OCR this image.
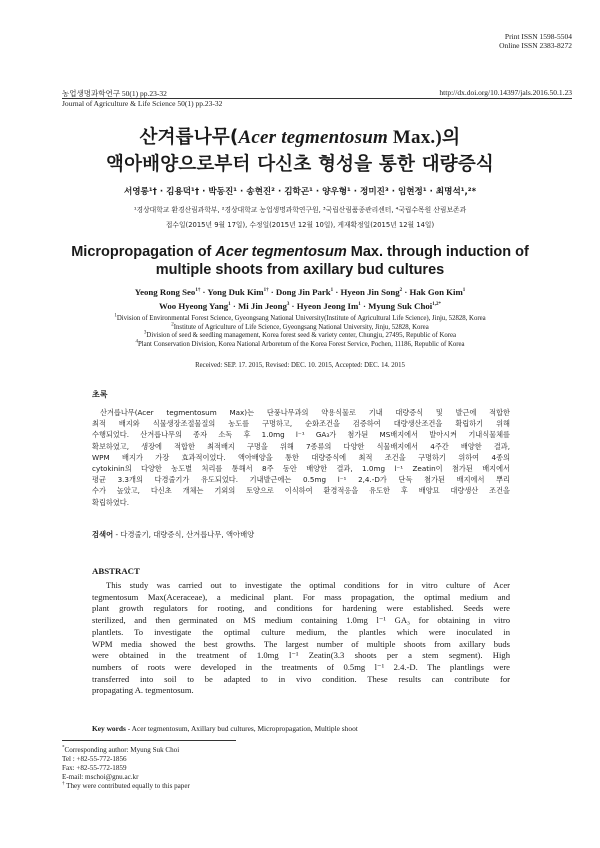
Print ISSN 1598-5504
Online ISSN 2383-8272
농업생명과학연구 50(1) pp.23-32	http://dx.doi.org/10.14397/jals.2016.50.1.23
Journal of Agriculture & Life Science 50(1) pp.23-32
산겨릅나무(Acer tegmentosum Max.)의
액아배양으로부터 다신초 형성을 통한 대량증식
서영롱¹† · 김용덕¹† · 박동진¹ · 송현진² · 김학곤¹ · 양우형¹ · 정미진³ · 임현정¹ · 최명석¹,²*
¹경상대학교 환경산림과학부, ²경상대학교 농업생명과학연구원, ³국립산림품종관리센터, ⁴국립수목원 산림보존과
접수일(2015년 9월 17일), 수정일(2015년 12월 10일), 게재확정일(2015년 12월 14일)
Micropropagation of Acer tegmentosum Max. through induction of
multiple shoots from axillary bud cultures
Yeong Rong Seo$^{1\dagger}$ · Yong Duk Kim$^{1\dagger}$ · Dong Jin Park$^1$ · Hyeon Jin Song$^2$ · Hak Gon Kim$^1$
Woo Hyeong Yang$^1$ · Mi Jin Jeong$^3$ · Hyeon Jeong $Im^1$ · Myung Suk Choi$^{1,2*}$
$^1$Division of Environmental Forest Science, Gyeongsang National University(Institute of Agricultural Life Science), Jinju, 52828, Korea
$^2$Institute of Agriculture of Life Science, Gyeongsang National University, Jinju, 52828, Korea
$^3$Division of seed & seedling management, Korea forest seed & variety center, Chungju, 27495, Republic of Korea
$^4$Plant Conservation Division, Korea National Arboretum of the Korea Forest Service, Pochen, 11186, Republic of Korea
Received: SEP. 17. 2015, Revised: DEC. 10. 2015, Accepted: DEC. 14. 2015
초록
산겨릅나무(Acer tegmentosum Max)는 단풍나무과의 약용식물로 기내 대량증식 및 발근에 적합한
최적 배지와 식물생장조절물질의 농도를 구명하고, 순화조건을 검증하여 대량생산조건을 확립하기 위해
수행되었다. 산겨릅나무의 종자 소독 후 1.0mg l⁻¹ GA₃가 첨가된 MS배지에서 발아시켜 기내식물체를
확보하였고, 생장에 적합한 최적배지 구명을 위해 7종류의 다양한 식물배지에서 4주간 배양한 결과,
WPM 배지가 가장 효과적이었다. 액아배양을 통한 대량증식에 최적 조건을 구명하기 위하여 4종의
cytokinin의 다양한 농도별 처리를 통해서 8주 동안 배양한 결과, 1.0mg l⁻¹ Zeatin이 첨가된 배지에서
평균 3.3개의 다경줄기가 유도되었다. 기내발근에는 0.5mg l⁻¹ 2,4.-D가 단독 첨가된 배지에서 뿌리
수가 높았고, 다신초 개체는 기외의 토양으로 이식하여 환경적응을 유도한 후 배양묘 대량생산 조건을
확립하였다.
검색어 - 다경줄기, 대량증식, 산겨릅나무, 액아배양
ABSTRACT
This study was carried out to investigate the optimal conditions for in vitro culture of Acer
tegmentosum Max(Aceraceae), a medicinal plant. For mass propagation, the optimal medium and
plant growth regulators for rooting, and conditions for hardening were established. Seeds were
sterilized, and then germinated on MS medium containing 1.0mg l⁻¹ GA₃ for obtaining in vitro
plantlets. To investigate the optimal culture medium, the plantles which were inoculated in
WPM media showed the best growths. The largest number of multiple shoots from axillary buds
were obtained in the treatment of 1.0mg l⁻¹ Zeatin(3.3 shoots per a stem segment). High
numbers of roots were developed in the treatments of 0.5mg l⁻¹ 2.4.-D. The plantlings were
transferred into soil to be adapted to in vivo condition. These results can contribute for
propagating A. tegmentosum.
Key words - Acer tegmentosum, Axillary bud cultures, Micropropagation, Multiple shoot
*Corresponding author: Myung Suk Choi
Tel : +82-55-772-1856
Fax: +82-55-772-1859
E-mail: mschoi@gnu.ac.kr
† They were contributed equally to this paper
